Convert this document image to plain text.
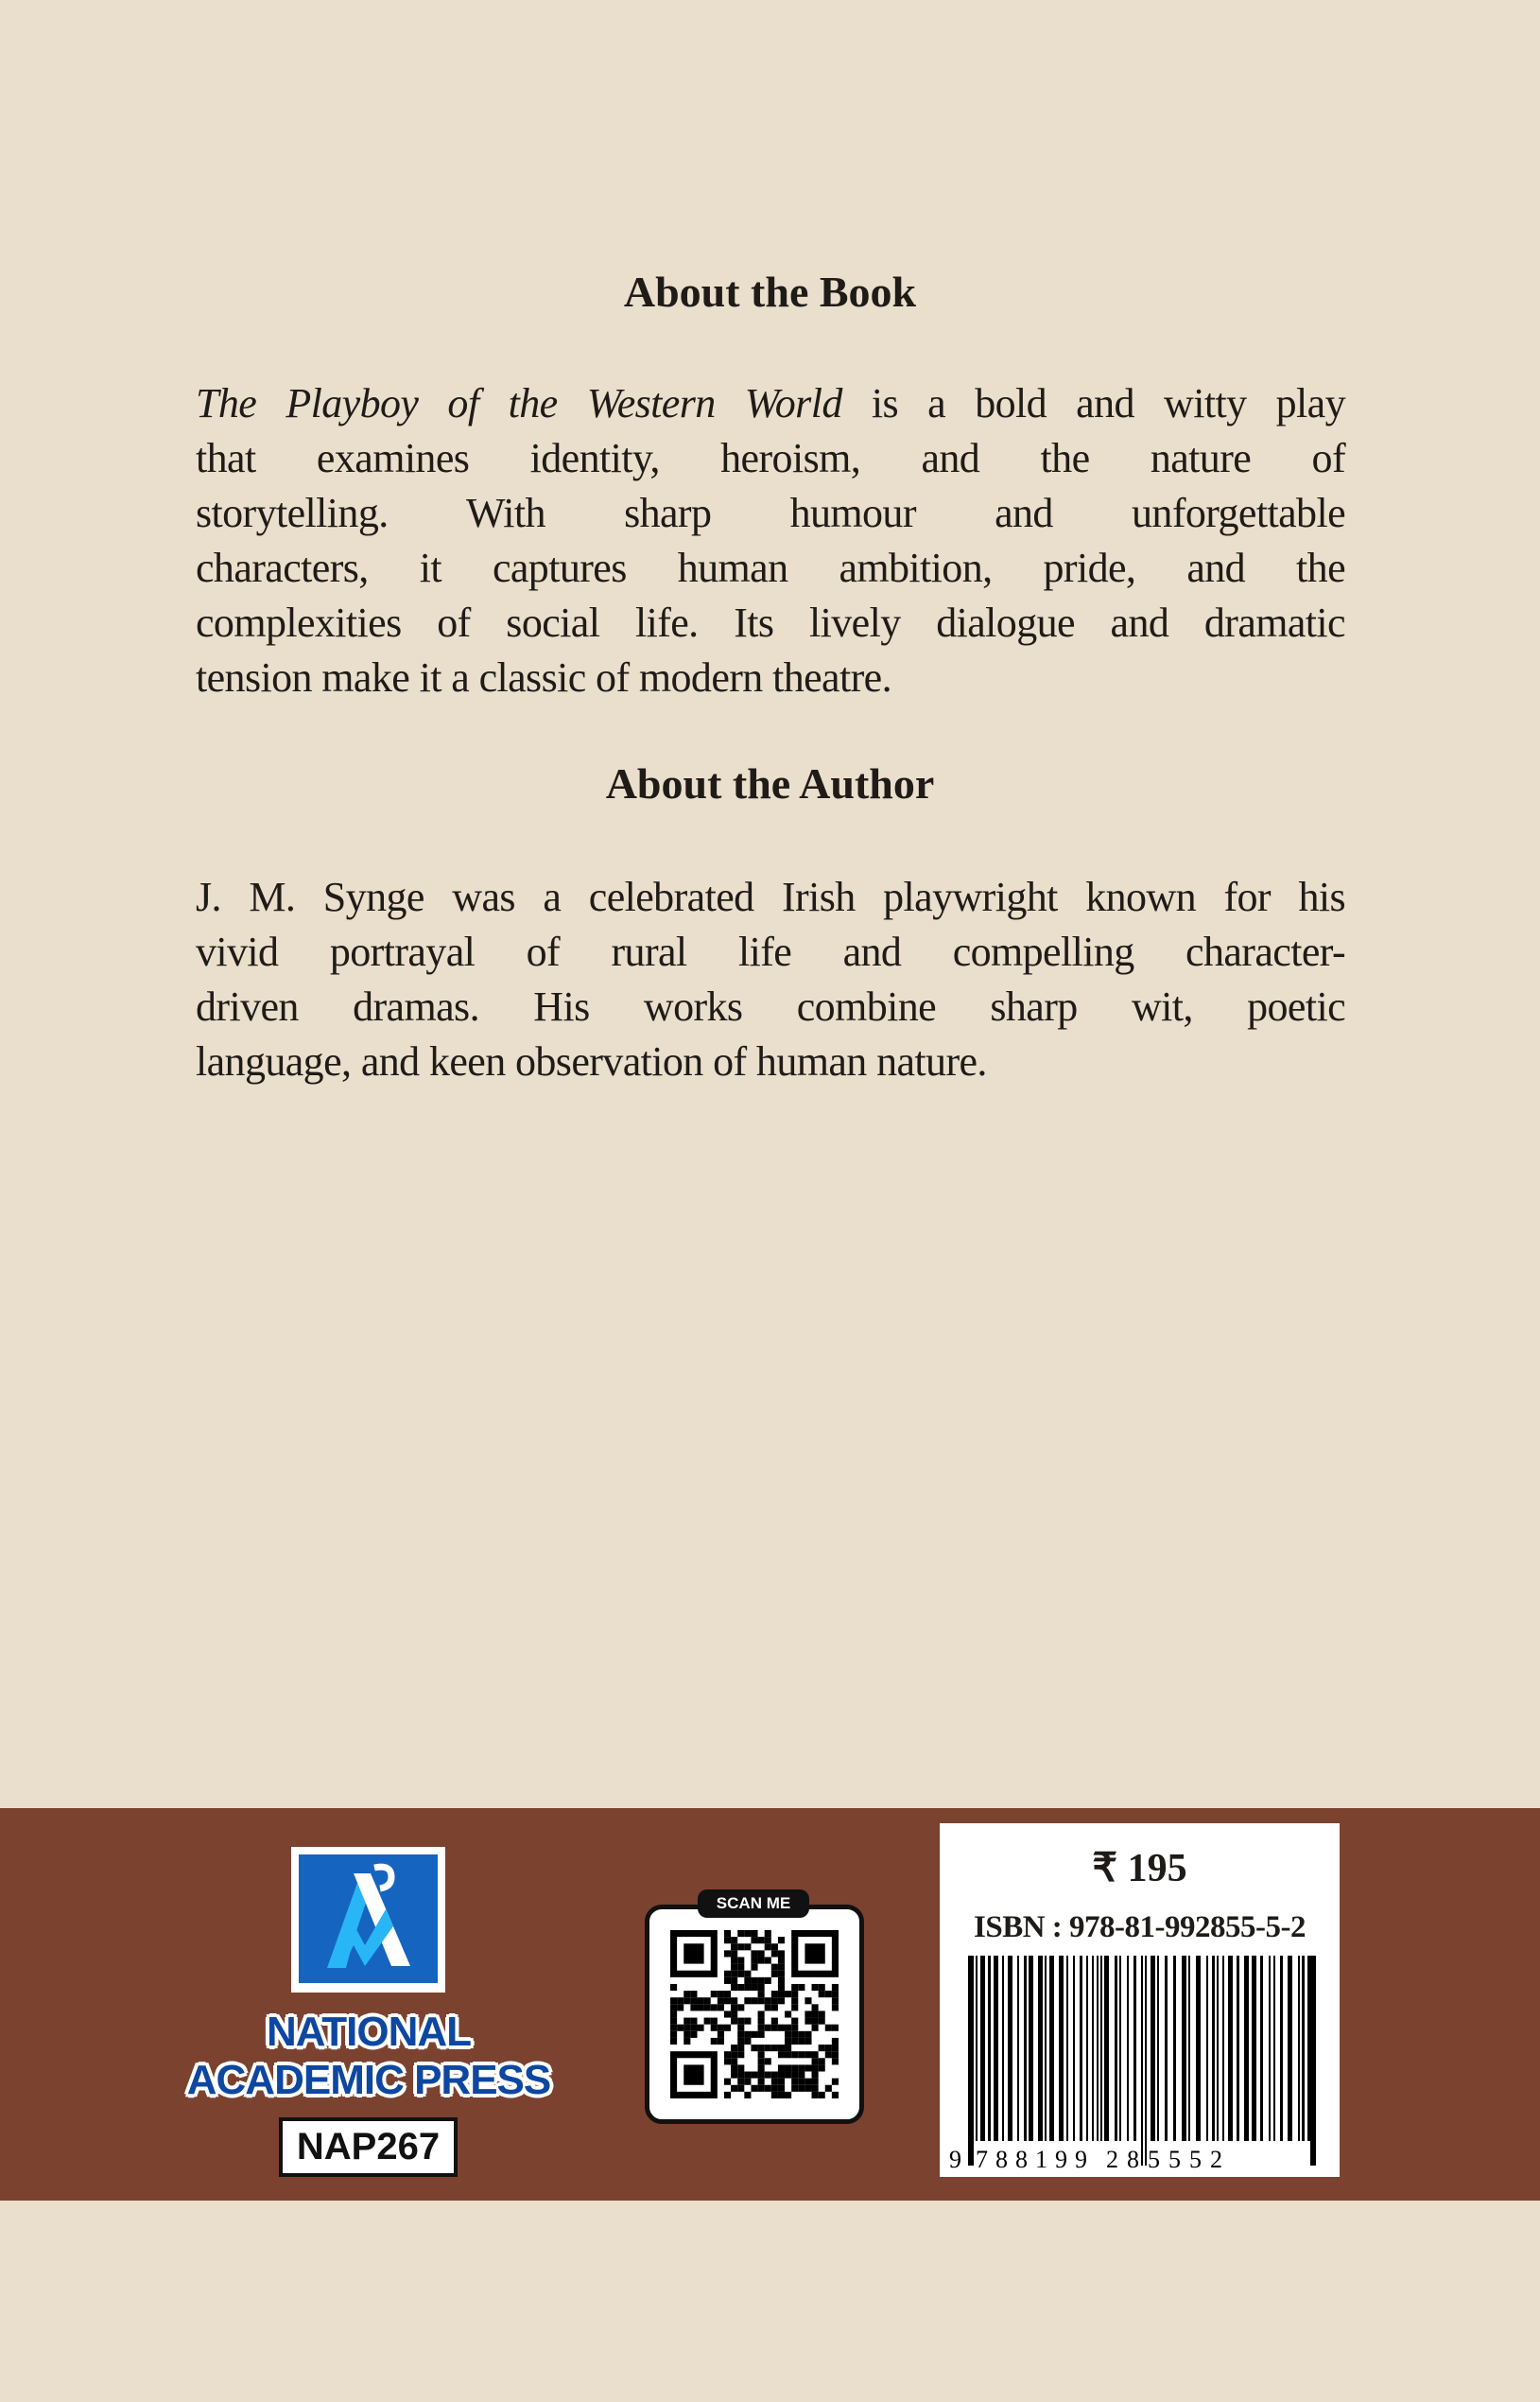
About the Book
The Playboy of the Western World is a bold and witty play
that examines identity, heroism, and the nature of
storytelling. With sharp humour and unforgettable
characters, it captures human ambition, pride, and the
complexities of social life. Its lively dialogue and dramatic
tension make it a classic of modern theatre.
About the Author
J. M. Synge was a celebrated Irish playwright known for his
vivid portrayal of rural life and compelling character-
driven dramas. His works combine sharp wit, poetic
language, and keen observation of human nature.
NATIONAL
ACADEMIC PRESS
NAP267
SCAN ME
₹ 195
ISBN : 978-81-992855-5-2
9 7 8 8 1 9 9 2 8 5 5 5 2
